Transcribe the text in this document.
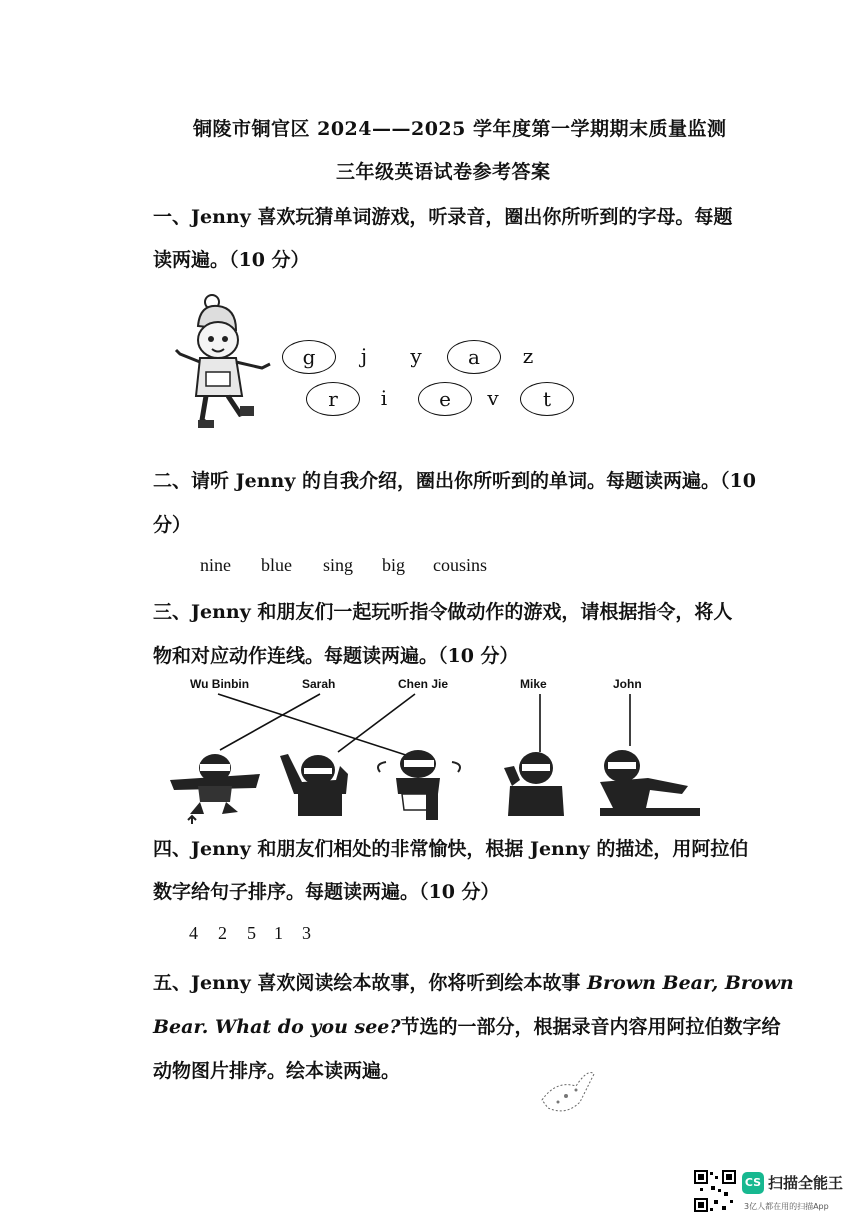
铜陵市铜官区 2024——2025 学年度第一学期期末质量监测
三年级英语试卷参考答案
一、Jenny 喜欢玩猜单词游戏，听录音，圈出你所听到的字母。每题
读两遍。（10 分）
g	j	y	a	z
r	i	e	v	t
二、请听 Jenny 的自我介绍，圈出你所听到的单词。每题读两遍。（10
分）
nine blue sing big cousins
三、Jenny 和朋友们一起玩听指令做动作的游戏，请根据指令，将人
物和对应动作连线。每题读两遍。（10 分）
Wu Binbin	Sarah	Chen Jie	Mike	John
四、Jenny 和朋友们相处的非常愉快，根据 Jenny 的描述，用阿拉伯
数字给句子排序。每题读两遍。（10 分）
4 2 5 1 3
五、Jenny 喜欢阅读绘本故事，你将听到绘本故事 Brown Bear, Brown
Bear. What do you see?节选的一部分，根据录音内容用阿拉伯数字给
动物图片排序。绘本读两遍。
CS 扫描全能王
3亿人都在用的扫描App
